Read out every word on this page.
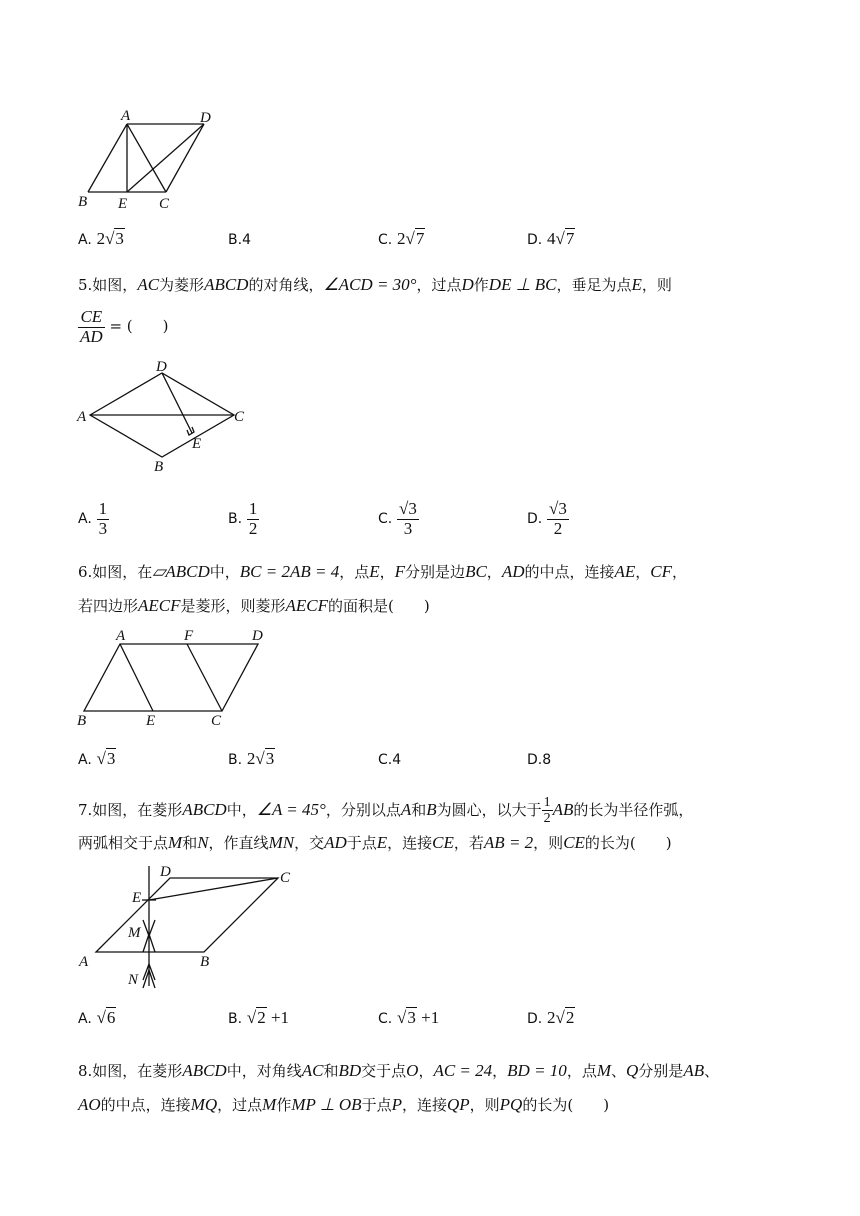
A	D
B E C
A. 2√3	B.4	C. 2√7	D. 4√7
5.如图，AC为菱形ABCD的对角线，∠ACD = 30°，过点D作DE ⊥ BC，垂足为点E，则
$\frac{CE}{AD}$ = (　　)
D
A	C
E
B
A. $\frac{1}{3}$	B. $\frac{1}{2}$	C. $\frac{√3}{3}$	D. $\frac{√3}{2}$
6.如图，在▱ABCD中，BC = 2AB = 4，点E，F分别是边BC，AD的中点，连接AE，CF，
若四边形AECF是菱形，则菱形AECF的面积是(　　)
A	F	D
B	E	C
A. √3	B. 2√3	C.4	D.8
7.如图，在菱形ABCD中，∠A = 45°，分别以点A和B为圆心，以大于 $\frac{1}{2}$ AB的长为半径作弧，
两弧相交于点M和N，作直线MN，交AD于点E，连接CE，若AB = 2，则CE的长为(　　)
D	C
E
M
A	B
N
A. √6	B. √2 +1	C. √3 +1	D. 2√2
8.如图，在菱形ABCD中，对角线AC和BD交于点O，AC = 24，BD = 10，点M、Q分别是AB、
AO的中点，连接MQ，过点M作MP ⊥ OB于点P，连接QP，则PQ的长为(　　)
